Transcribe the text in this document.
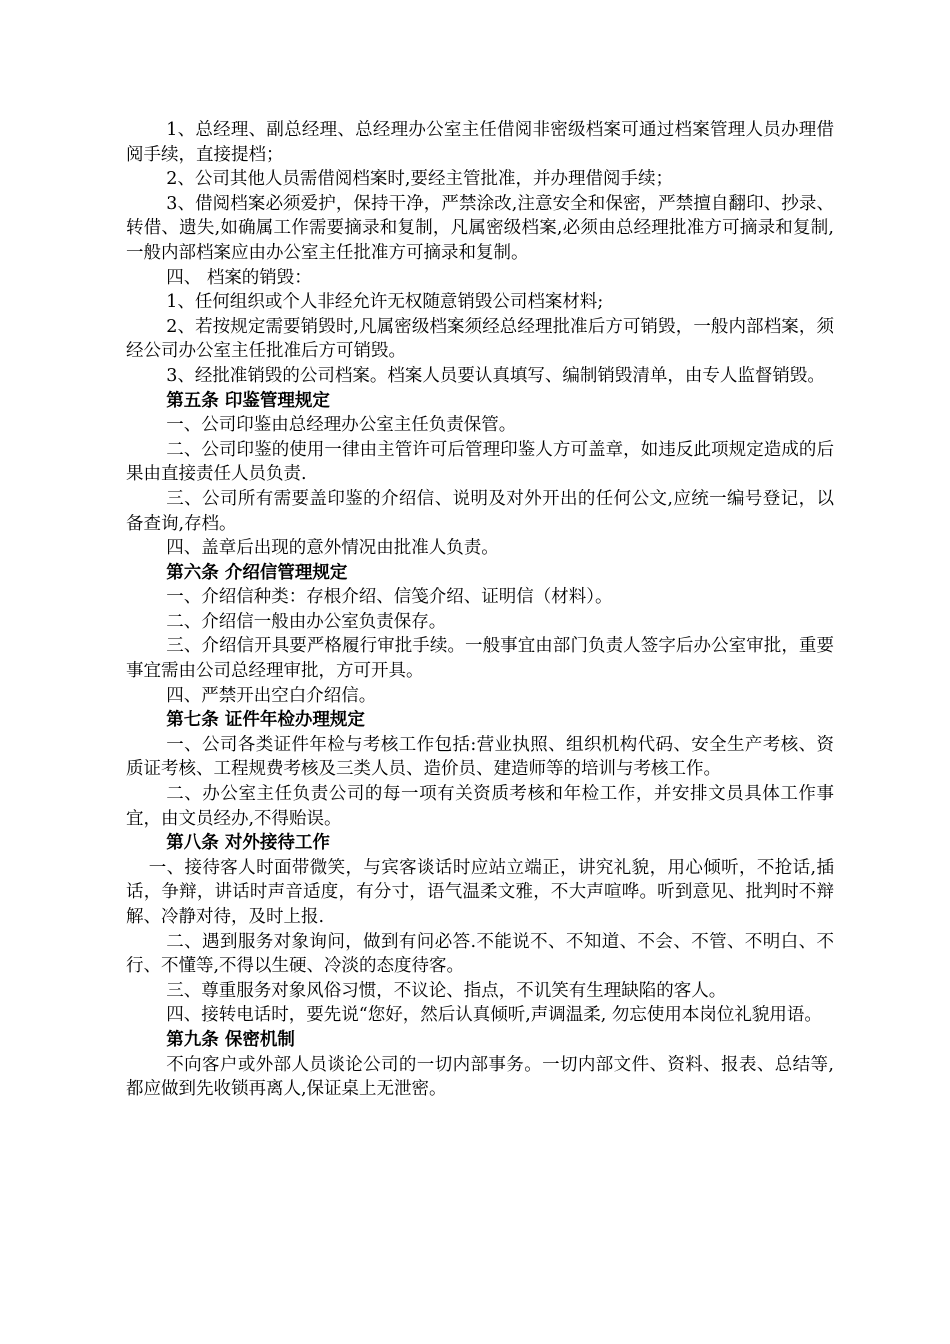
1、总经理、副总经理、总经理办公室主任借阅非密级档案可通过档案管理人员办理借阅手续，直接提档；

2、公司其他人员需借阅档案时,要经主管批准，并办理借阅手续；

3、借阅档案必须爱护，保持干净，严禁涂改,注意安全和保密，严禁擅自翻印、抄录、转借、遗失,如确属工作需要摘录和复制，凡属密级档案,必须由总经理批准方可摘录和复制,一般内部档案应由办公室主任批准方可摘录和复制。

四、 档案的销毁：

1、任何组织或个人非经允许无权随意销毁公司档案材料;

2、若按规定需要销毁时,凡属密级档案须经总经理批准后方可销毁，一般内部档案，须经公司办公室主任批准后方可销毁。

3、经批准销毁的公司档案。档案人员要认真填写、编制销毁清单，由专人监督销毁。

第五条 印鉴管理规定

一、公司印鉴由总经理办公室主任负责保管。

二、公司印鉴的使用一律由主管许可后管理印鉴人方可盖章，如违反此项规定造成的后果由直接责任人员负责.

三、公司所有需要盖印鉴的介绍信、说明及对外开出的任何公文,应统一编号登记，以备查询,存档。

四、盖章后出现的意外情况由批准人负责。

第六条 介绍信管理规定

一、介绍信种类：存根介绍、信笺介绍、证明信（材料）。

二、介绍信一般由办公室负责保存。

三、介绍信开具要严格履行审批手续。一般事宜由部门负责人签字后办公室审批，重要事宜需由公司总经理审批，方可开具。

四、严禁开出空白介绍信。

第七条 证件年检办理规定

一、公司各类证件年检与考核工作包括:营业执照、组织机构代码、安全生产考核、资质证考核、工程规费考核及三类人员、造价员、建造师等的培训与考核工作。

二、办公室主任负责公司的每一项有关资质考核和年检工作，并安排文员具体工作事宜，由文员经办,不得贻误。

第八条 对外接待工作

一、接待客人时面带微笑，与宾客谈话时应站立端正，讲究礼貌，用心倾听，不抢话,插话，争辩，讲话时声音适度，有分寸，语气温柔文雅，不大声喧哗。听到意见、批判时不辩解、冷静对待，及时上报.

二、遇到服务对象询问，做到有问必答.不能说不、不知道、不会、不管、不明白、不行、不懂等,不得以生硬、冷淡的态度待客。

三、尊重服务对象风俗习惯，不议论、指点，不讥笑有生理缺陷的客人。

四、接转电话时，要先说“您好，然后认真倾听,声调温柔, 勿忘使用本岗位礼貌用语。

第九条 保密机制

不向客户或外部人员谈论公司的一切内部事务。一切内部文件、资料、报表、总结等,都应做到先收锁再离人,保证桌上无泄密。
